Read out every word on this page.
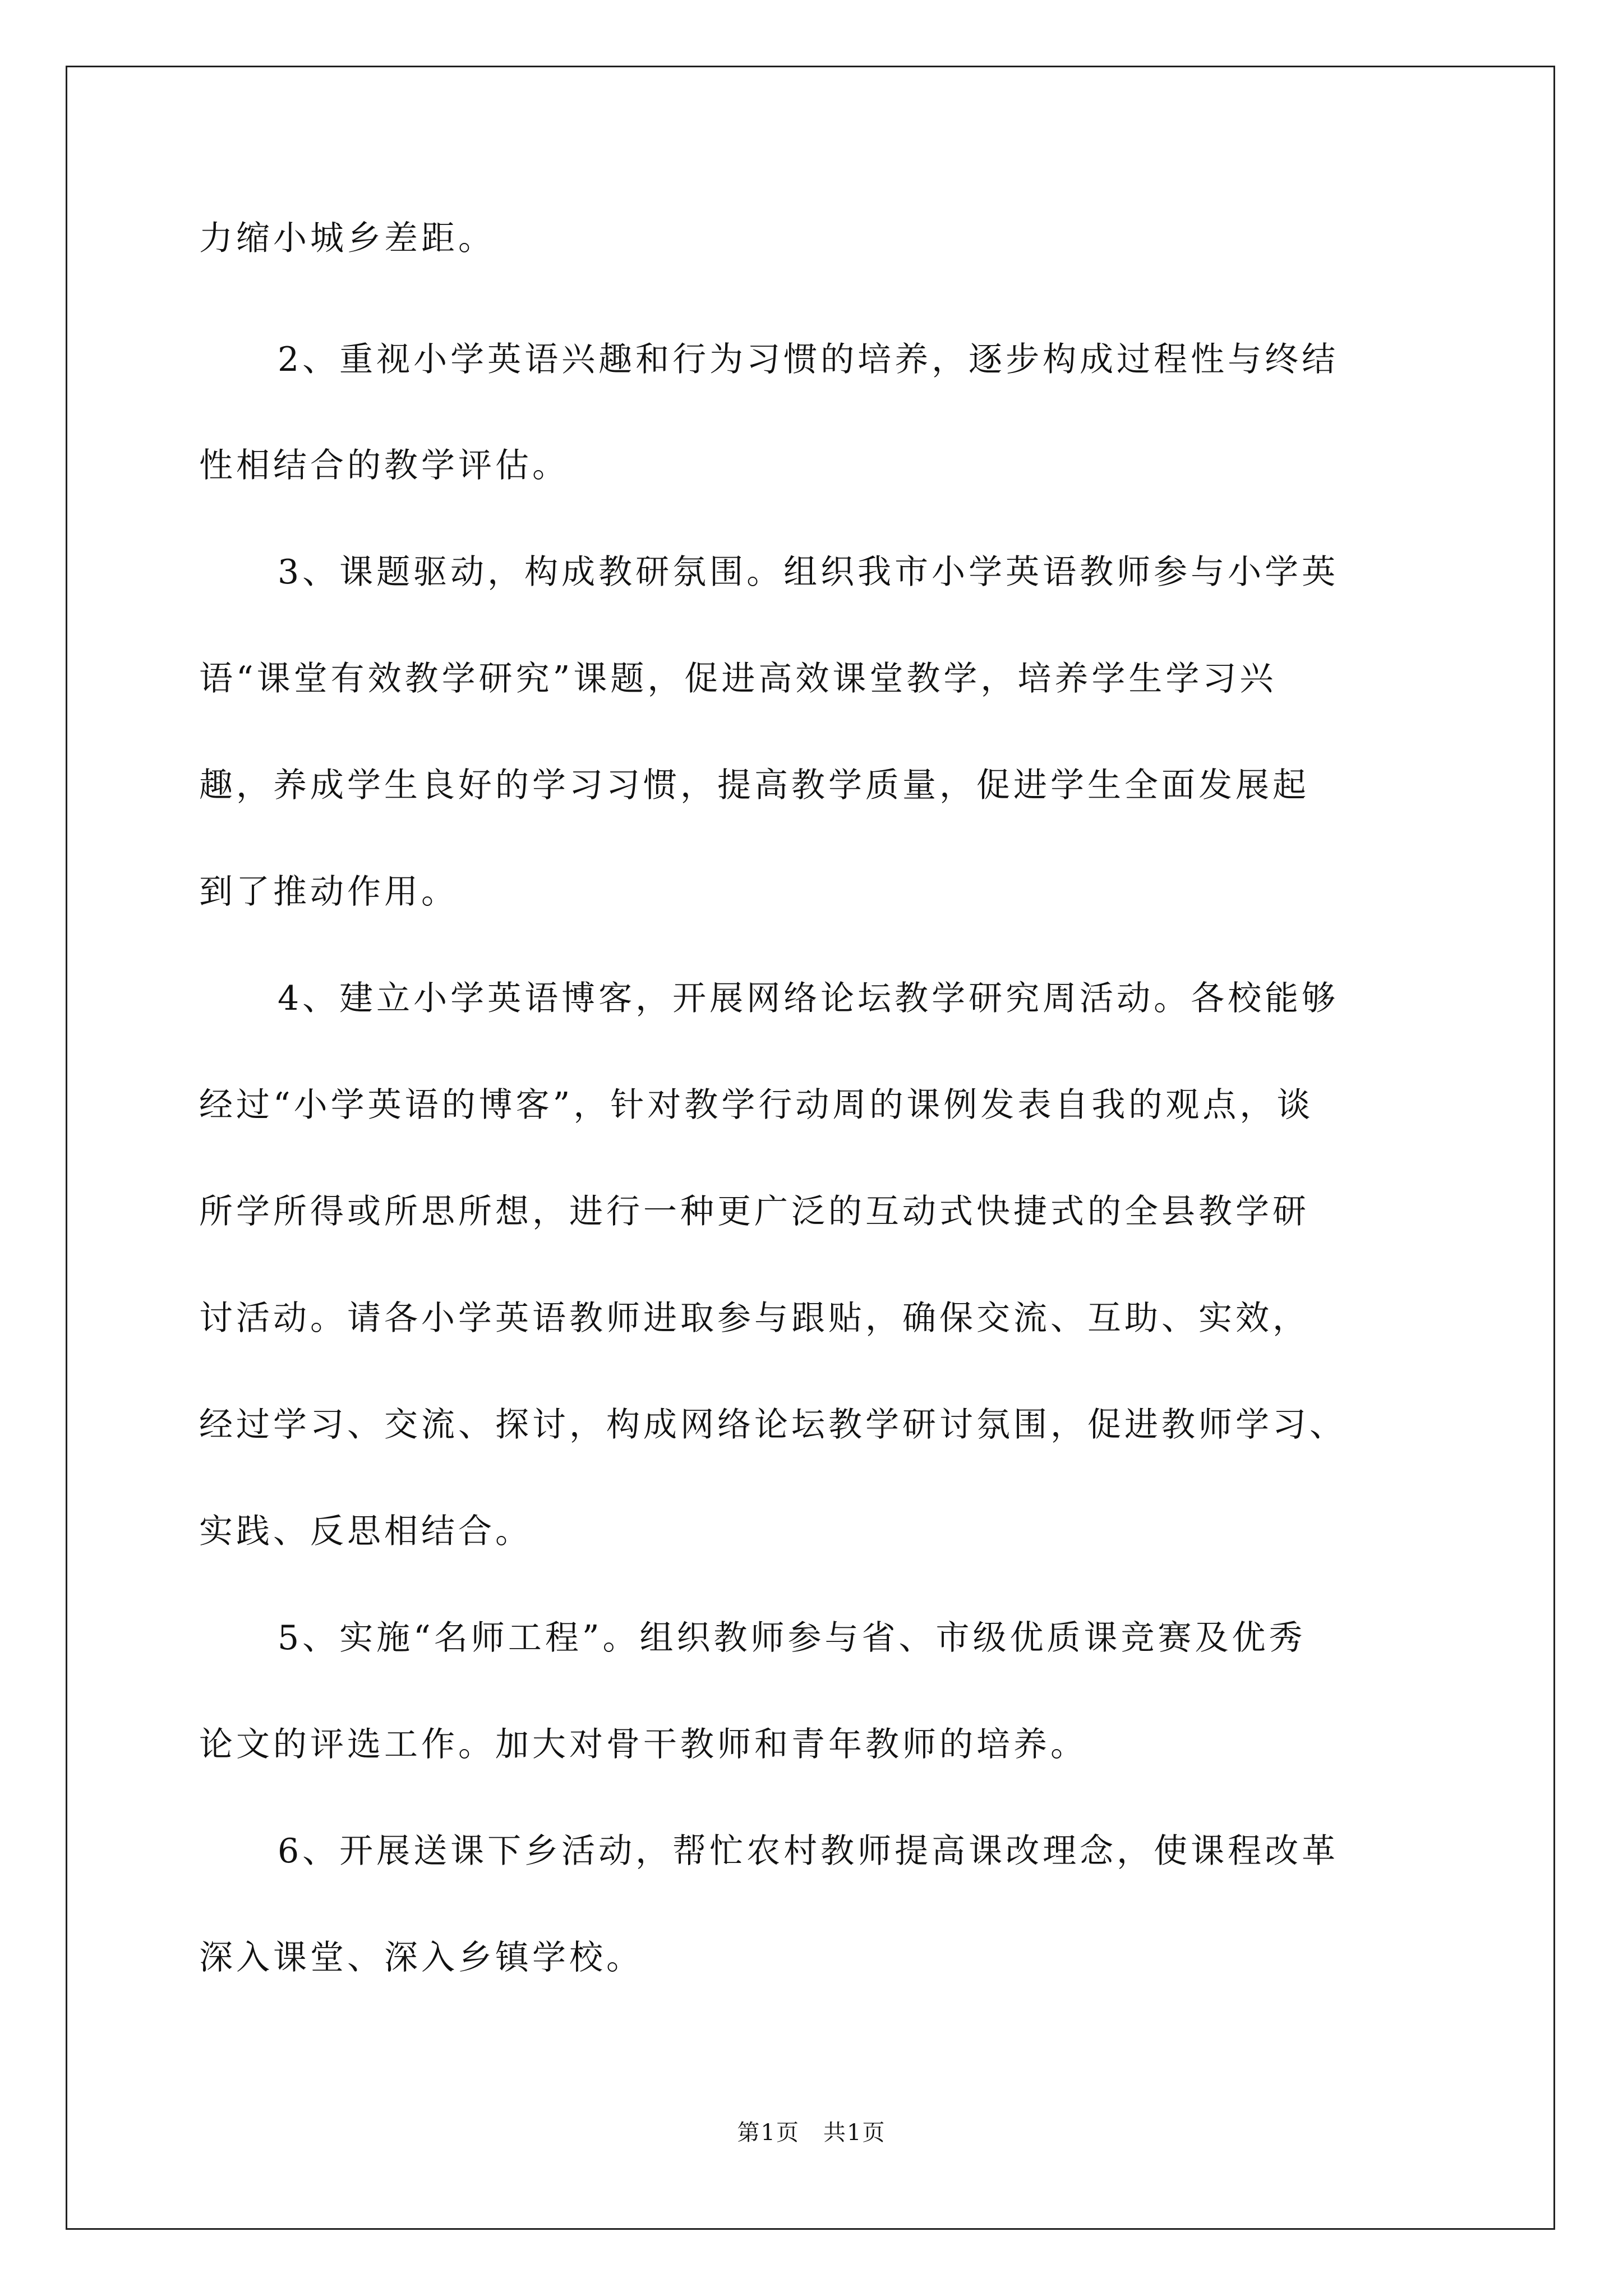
力缩小城乡差距。
2、重视小学英语兴趣和行为习惯的培养，逐步构成过程性与终结
性相结合的教学评估。
3、课题驱动，构成教研氛围。组织我市小学英语教师参与小学英
语“课堂有效教学研究”课题，促进高效课堂教学，培养学生学习兴
趣，养成学生良好的学习习惯，提高教学质量，促进学生全面发展起
到了推动作用。
4、建立小学英语博客，开展网络论坛教学研究周活动。各校能够
经过“小学英语的博客”，针对教学行动周的课例发表自我的观点，谈
所学所得或所思所想，进行一种更广泛的互动式快捷式的全县教学研
讨活动。请各小学英语教师进取参与跟贴，确保交流、互助、实效，
经过学习、交流、探讨，构成网络论坛教学研讨氛围，促进教师学习、
实践、反思相结合。
5、实施“名师工程”。组织教师参与省、市级优质课竞赛及优秀
论文的评选工作。加大对骨干教师和青年教师的培养。
6、开展送课下乡活动，帮忙农村教师提高课改理念，使课程改革
深入课堂、深入乡镇学校。
第1页　共1页
